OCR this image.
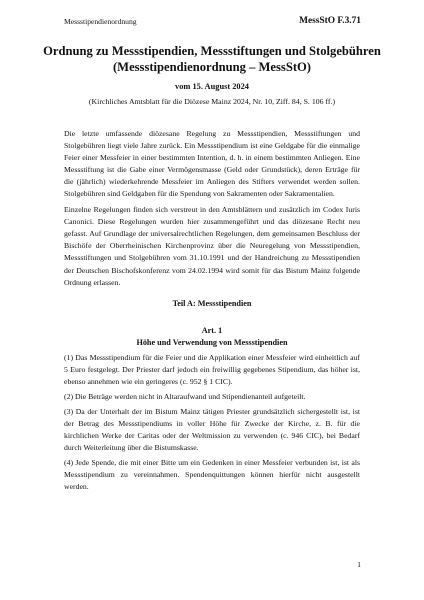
Messstipendienordnung	MessStO F.3.71
Ordnung zu Messstipendien, Messstiftungen und Stolgebühren (Messstipendienordnung – MessStO)
vom 15. August 2024
(Kirchliches Amtsblatt für die Diözese Mainz 2024, Nr. 10, Ziff. 84, S. 106 ff.)

Die letzte umfassende diözesane Regelung zu Messstipendien, Messstiftungen und Stolgebühren liegt viele Jahre zurück. Ein Messstipendium ist eine Geldgabe für die einmalige Feier einer Messfeier in einer bestimmten Intention, d. h. in einem bestimmten Anliegen. Eine Messstiftung ist die Gabe einer Vermögensmasse (Geld oder Grundstück), deren Erträge für die (jährlich) wiederkehrende Messfeier im Anliegen des Stifters verwendet werden sollen. Stolgebühren sind Geldgaben für die Spendung von Sakramenten oder Sakramentalien.

Einzelne Regelungen finden sich verstreut in den Amtsblättern und zusätzlich im Codex Iuris Canonici. Diese Regelungen wurden hier zusammengeführt und das diözesane Recht neu gefasst. Auf Grundlage der universalrechtlichen Regelungen, dem gemeinsamen Beschluss der Bischöfe der Oberrheinischen Kirchenprovinz über die Neuregelung von Messstipendien, Messstiftungen und Stolgebühren vom 31.10.1991 und der Handreichung zu Messstipendien der Deutschen Bischofskonferenz vom 24.02.1994 wird somit für das Bistum Mainz folgende Ordnung erlassen.

Teil A: Messstipendien
Art. 1
Höhe und Verwendung von Messstipendien

(1) Das Messstipendium für die Feier und die Applikation einer Messfeier wird einheitlich auf 5 Euro festgelegt. Der Priester darf jedoch ein freiwillig gegebenes Stipendium, das höher ist, ebenso annehmen wie ein geringeres (c. 952 § 1 CIC).

(2) Die Beträge werden nicht in Altaraufwand und Stipendienanteil aufgeteilt.

(3) Da der Unterhalt der im Bistum Mainz tätigen Priester grundsätzlich sichergestellt ist, ist der Betrag des Messstipendiums in voller Höhe für Zwecke der Kirche, z. B. für die kirchlichen Werke der Caritas oder der Weltmission zu verwenden (c. 946 CIC), bei Bedarf durch Weiterleitung über die Bistumskasse.

(4) Jede Spende, die mit einer Bitte um ein Gedenken in einer Messfeier verbunden ist, ist als Messstipendium zu vereinnahmen. Spendenquittungen können hierfür nicht ausgestellt werden.

1
